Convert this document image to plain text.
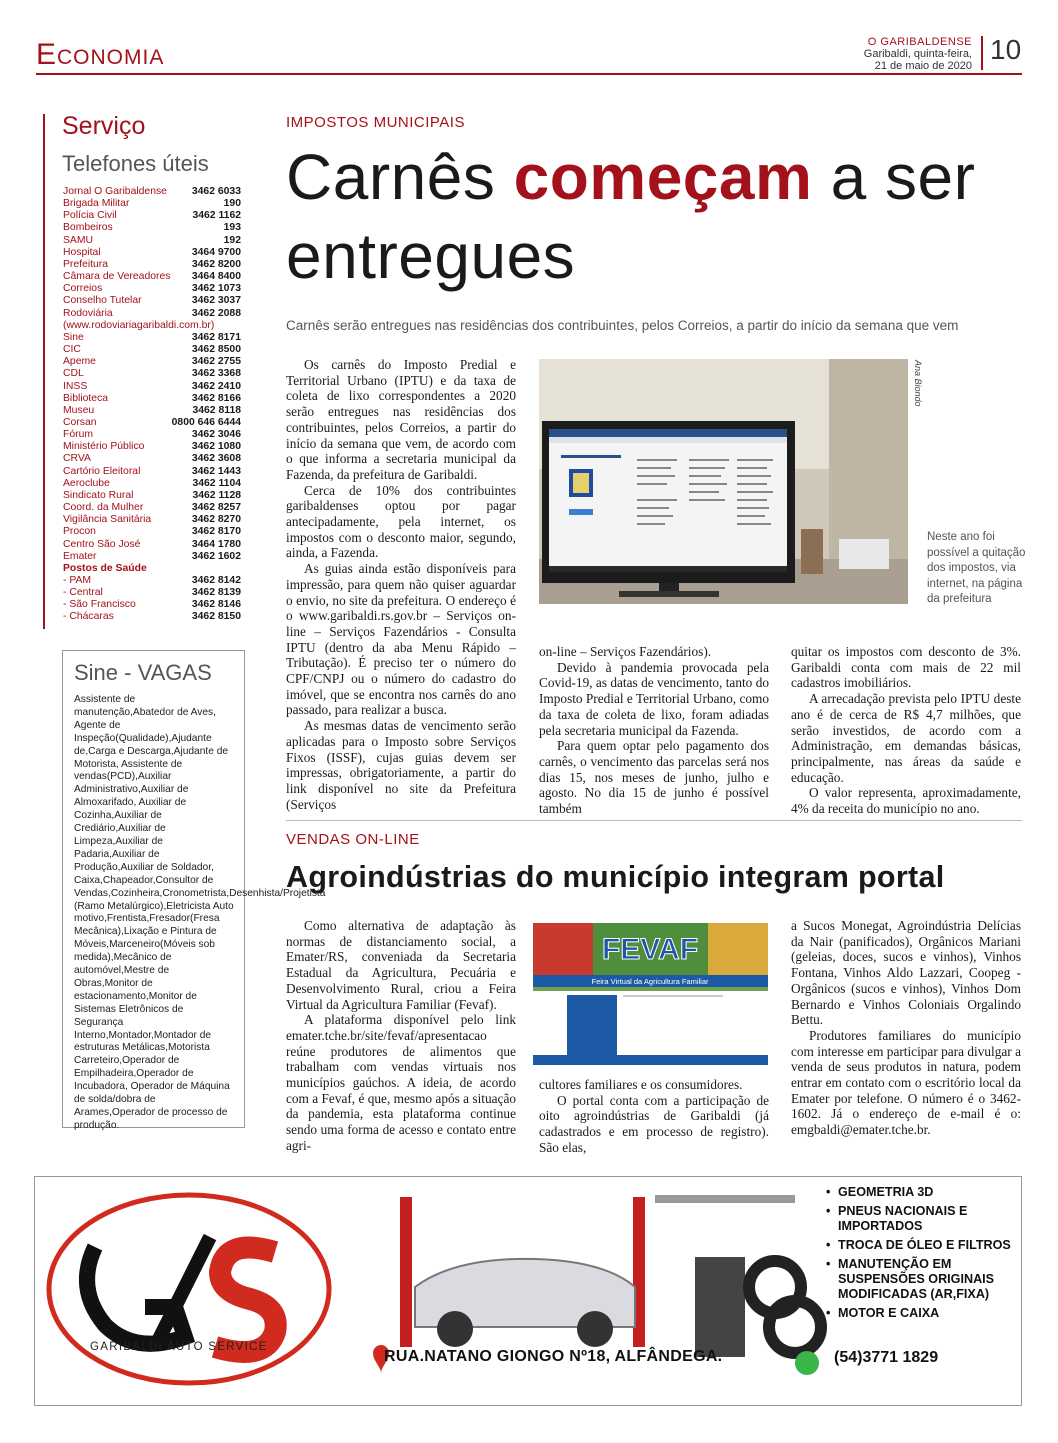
Economia	O GARIBALDENSE
Garibaldi, quinta-feira,
21 de maio de 2020
10
Serviço
Telefones úteis
Jornal O Garibaldense 3462 6033
Brigada Militar	190
Polícia Civil	3462 1162
Bombeiros	193
SAMU	192
Hospital	3464 9700
Prefeitura	3462 8200
Câmara de Vereadores 3464 8400
Correios	3462 1073
Conselho Tutelar	3462 3037
Rodoviária	3462 2088
(www.rodoviariagaribaldi.com.br)
Sine	3462 8171
CIC	3462 8500
Apeme	3462 2755
CDL	3462 3368
INSS	3462 2410
Biblioteca	3462 8166
Museu	3462 8118
Corsan	0800 646 6444
Fórum	3462 3046
Ministério Público	3462 1080
CRVA	3462 3608
Cartório Eleitoral	3462 1443
Aeroclube	3462 1104
Sindicato Rural	3462 1128
Coord. da Mulher	3462 8257
Vigilância Sanitária	3462 8270
Procon	3462 8170
Centro São José	3464 1780
Emater	3462 1602
Postos de Saúde
- PAM	3462 8142
- Central	3462 8139
- São Francisco	3462 8146
- Chácaras	3462 8150
Sine - VAGAS
Assistente de manutenção,Abatedor de Aves, Agente de Inspeção(Qualidade),Ajudante de,Carga e Descarga,Ajudante de Motorista, Assistente de vendas(PCD),Auxiliar Administrativo,Auxiliar de Almoxarifado, Auxiliar de Cozinha,Auxiliar de Crediário,Auxiliar de Limpeza,Auxiliar de Padaria,Auxiliar de Produção,Auxiliar de Soldador, Caixa,Chapeador,Consultor de Vendas,Cozinheira,Cronometrista,Desenhista/Projetista (Ramo Metalúrgico),Eletricista Auto motivo,Frentista,Fresador(Fresa Mecânica),Lixação e Pintura de Móveis,Marceneiro(Móveis sob medida),Mecânico de automóvel,Mestre de Obras,Monitor de estacionamento,Monitor de Sistemas Eletrônicos de Segurança Interno,Montador,Montador de estruturas Metálicas,Motorista Carreteiro,Operador de Empilhadeira,Operador de Incubadora, Operador de Máquina de solda/dobra de Arames,Operador de processo de produção.
IMPOSTOS MUNICIPAIS
Carnês começam a ser entregues
Carnês serão entregues nas residências dos contribuintes, pelos Correios, a partir do início da semana que vem

Os carnês do Imposto Predial e Territorial Urbano (IPTU) e da taxa de coleta de lixo correspondentes a 2020 serão entregues nas residências dos contribuintes, pelos Correios, a partir do início da semana que vem, de acordo com o que informa a secretaria municipal da Fazenda, da prefeitura de Garibaldi.

Cerca de 10% dos contribuintes garibaldenses optou por pagar antecipadamente, pela internet, os impostos com o desconto maior, segundo, ainda, a Fazenda.

As guias ainda estão disponíveis para impressão, para quem não quiser aguardar o envio, no site da prefeitura. O endereço é o www.garibaldi.rs.gov.br – Serviços on-line – Serviços Fazendários - Consulta IPTU (dentro da aba Menu Rápido – Tributação). É preciso ter o número do CPF/CNPJ ou o número do cadastro do imóvel, que se encontra nos carnês do ano passado, para realizar a busca.

As mesmas datas de vencimento serão aplicadas para o Imposto sobre Serviços Fixos (ISSF), cujas guias devem ser impressas, obrigatoriamente, a partir do link disponível no site da Prefeitura (Serviços

on-line – Serviços Fazendários).

Devido à pandemia provocada pela Covid-19, as datas de vencimento, tanto do Imposto Predial e Territorial Urbano, como da taxa de coleta de lixo, foram adiadas pela secretaria municipal da Fazenda.

Para quem optar pelo pagamento dos carnês, o vencimento das parcelas será nos dias 15, nos meses de junho, julho e agosto. No dia 15 de junho é possível também

quitar os impostos com desconto de 3%. Garibaldi conta com mais de 22 mil cadastros imobiliários.

A arrecadação prevista pelo IPTU deste ano é de cerca de R$ 4,7 milhões, que serão investidos, de acordo com a Administração, em demandas básicas, principalmente, nas áreas da saúde e educação.

O valor representa, aproximadamente, 4% da receita do município no ano.

Ana Biondo
Neste ano foi possível a quitação dos impostos, via internet, na página da prefeitura
VENDAS ON-LINE
Agroindústrias do município integram portal

Como alternativa de adaptação às normas de distanciamento social, a Emater/RS, conveniada da Secretaria Estadual da Agricultura, Pecuária e Desenvolvimento Rural, criou a Feira Virtual da Agricultura Familiar (Fevaf).

A plataforma disponível pelo link emater.tche.br/site/fevaf/apresentacao reúne produtores de alimentos que trabalham com vendas virtuais nos municípios gaúchos. A ideia, de acordo com a Fevaf, é que, mesmo após a situação da pandemia, esta plataforma continue sendo uma forma de acesso e contato entre agri-

cultores familiares e os consumidores.

O portal conta com a participação de oito agroindústrias de Garibaldi (já cadastrados e em processo de registro). São elas,

a Sucos Monegat, Agroindústria Delícias da Nair (panificados), Orgânicos Mariani (geleias, doces, sucos e vinhos), Vinhos Fontana, Vinhos Aldo Lazzari, Coopeg - Orgânicos (sucos e vinhos), Vinhos Dom Bernardo e Vinhos Coloniais Orgalindo Bettu.

Produtores familiares do município com interesse em participar para divulgar a venda de seus produtos in natura, podem entrar em contato com o escritório local da Emater por telefone. O número é o 3462-1602. Já o endereço de e-mail é o: emgbaldi@emater.tche.br.

FEVAF
Feira Virtual da Agricultura Familiar
GARIBALDI AUTO SERVICE
• GEOMETRIA 3D
• PNEUS NACIONAIS E IMPORTADOS
• TROCA DE ÓLEO E FILTROS
• MANUTENÇÃO EM SUSPENSÕES ORIGINAIS MODIFICADAS (AR,FIXA)
• MOTOR E CAIXA
RUA.NATANO GIONGO Nº18, ALFÂNDEGA.	(54)3771 1829
